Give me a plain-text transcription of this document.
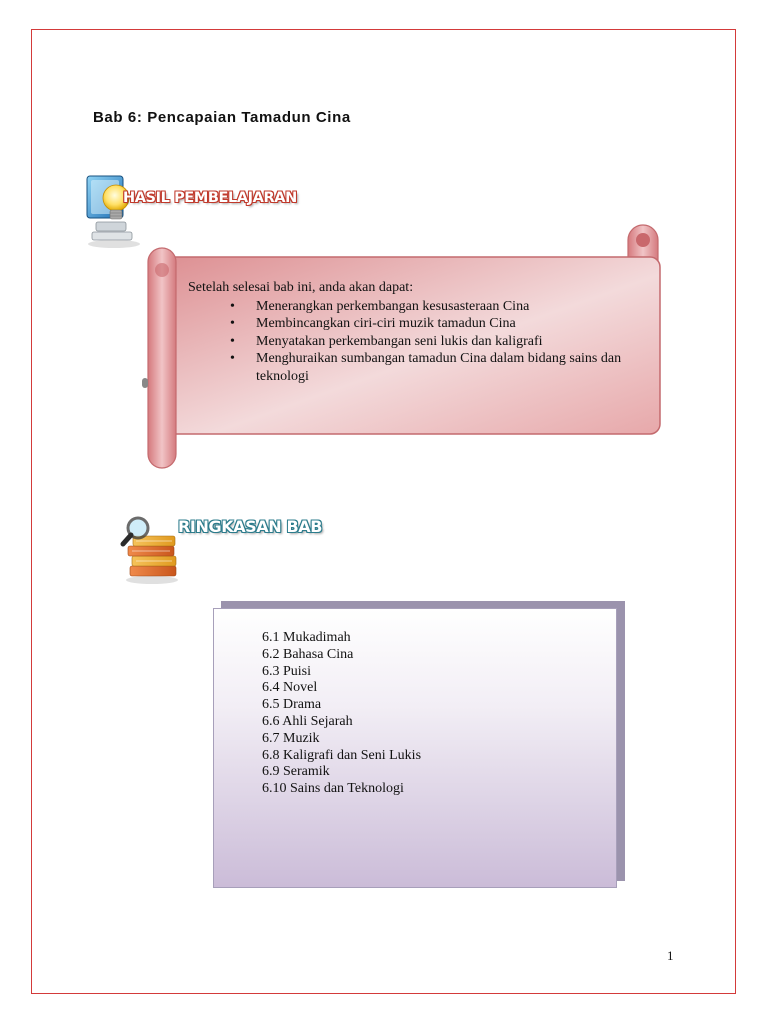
Bab 6: Pencapaian Tamadun Cina
HASIL PEMBELAJARAN
Setelah selesai bab ini, anda akan dapat:
• Menerangkan perkembangan kesusasteraan Cina
• Membincangkan ciri-ciri muzik tamadun Cina
• Menyatakan perkembangan seni lukis dan kaligrafi
• Menghuraikan sumbangan tamadun Cina dalam bidang sains dan teknologi
RINGKASAN BAB
6.1 Mukadimah
6.2 Bahasa Cina
6.3 Puisi
6.4 Novel
6.5 Drama
6.6 Ahli Sejarah
6.7 Muzik
6.8 Kaligrafi dan Seni Lukis
6.9 Seramik
6.10 Sains dan Teknologi
1
